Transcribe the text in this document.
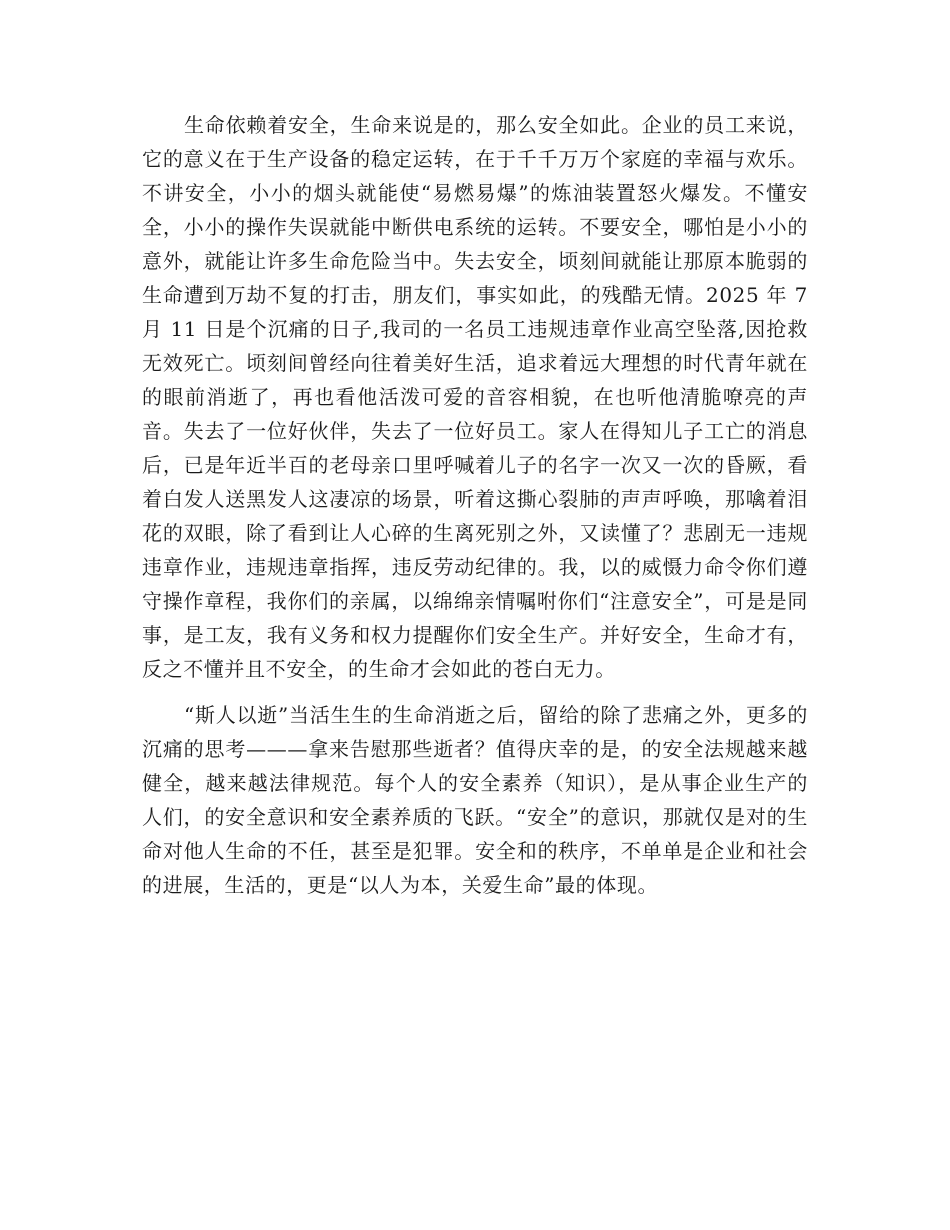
生命依赖着安全，生命来说是的，那么安全如此。企业的员工来说，它的意义在于生产设备的稳定运转，在于千千万万个家庭的幸福与欢乐。不讲安全，小小的烟头就能使“易燃易爆”的炼油装置怒火爆发。不懂安全，小小的操作失误就能中断供电系统的运转。不要安全，哪怕是小小的意外，就能让许多生命危险当中。失去安全，顷刻间就能让那原本脆弱的生命遭到万劫不复的打击，朋友们，事实如此，的残酷无情。2025 年 7 月 11 日是个沉痛的日子,我司的一名员工违规违章作业高空坠落,因抢救无效死亡。顷刻间曾经向往着美好生活，追求着远大理想的时代青年就在的眼前消逝了，再也看他活泼可爱的音容相貌，在也听他清脆嘹亮的声音。失去了一位好伙伴，失去了一位好员工。家人在得知儿子工亡的消息后，已是年近半百的老母亲口里呼喊着儿子的名字一次又一次的昏厥，看着白发人送黑发人这凄凉的场景，听着这撕心裂肺的声声呼唤，那噙着泪花的双眼，除了看到让人心碎的生离死别之外，又读懂了？悲剧无一违规违章作业，违规违章指挥，违反劳动纪律的。我，以的威慑力命令你们遵守操作章程，我你们的亲属，以绵绵亲情嘱咐你们“注意安全”，可是是同事，是工友，我有义务和权力提醒你们安全生产。并好安全，生命才有，反之不懂并且不安全，的生命才会如此的苍白无力。

“斯人以逝”当活生生的生命消逝之后，留给的除了悲痛之外，更多的沉痛的思考———拿来告慰那些逝者？值得庆幸的是，的安全法规越来越健全，越来越法律规范。每个人的安全素养（知识），是从事企业生产的人们，的安全意识和安全素养质的飞跃。“安全”的意识，那就仅是对的生命对他人生命的不任，甚至是犯罪。安全和的秩序，不单单是企业和社会的进展，生活的，更是“以人为本，关爱生命”最的体现。
